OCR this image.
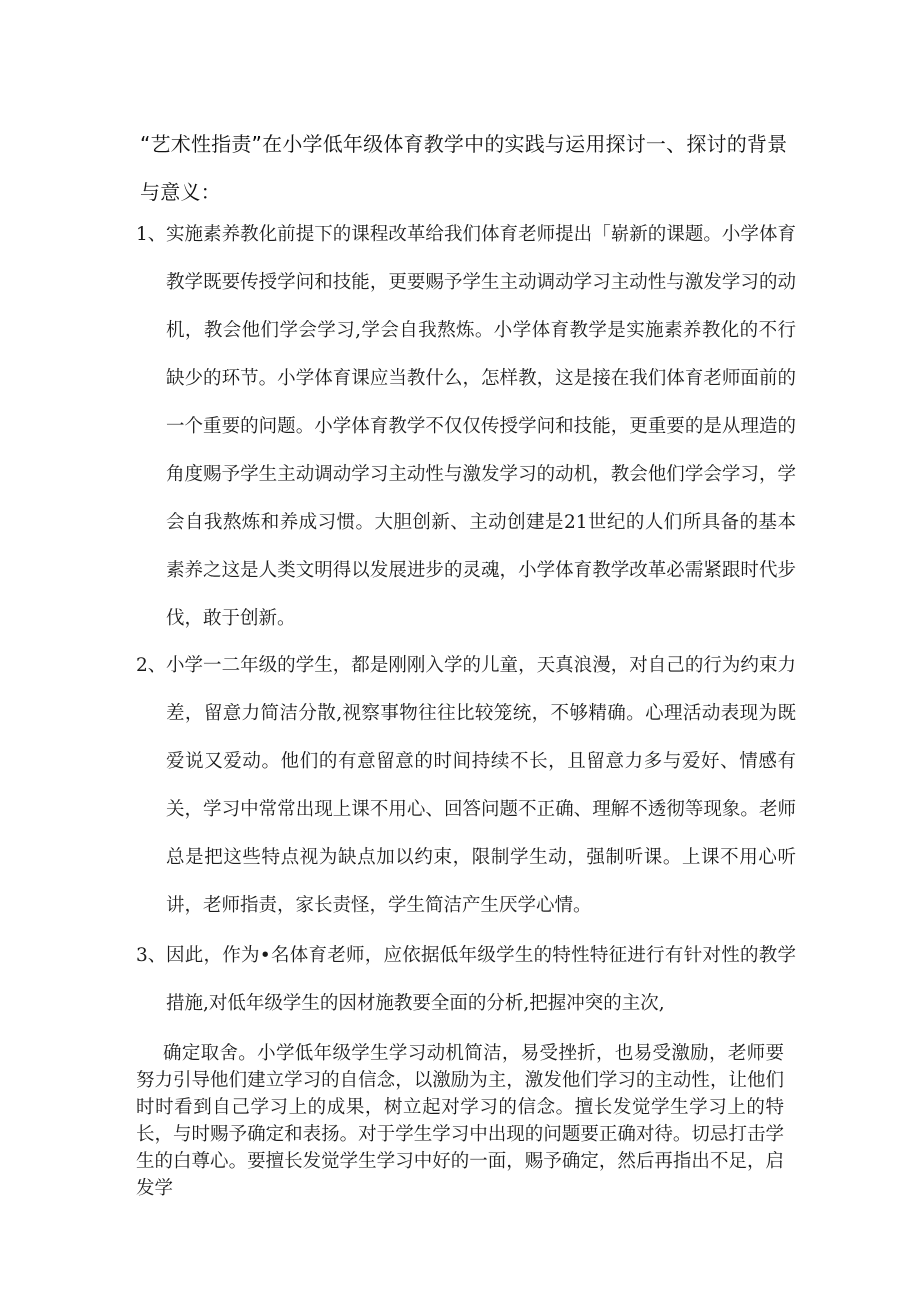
“艺术性指责”在小学低年级体育教学中的实践与运用探讨一、探讨的背景与意义：
1、 实施素养教化前提下的课程改革给我们体育老师提出「崭新的课题。小学体育教学既要传授学问和技能，更要赐予学生主动调动学习主动性与激发学习的动机，教会他们学会学习,学会自我熬炼。小学体育教学是实施素养教化的不行缺少的环节。小学体育课应当教什么，怎样教，这是接在我们体育老师面前的一个重要的问题。小学体育教学不仅仅传授学问和技能，更重要的是从理造的角度赐予学生主动调动学习主动性与激发学习的动机，教会他们学会学习，学会自我熬炼和养成习惯。大胆创新、主动创建是21世纪的人们所具备的基本素养之这是人类文明得以发展进步的灵魂，小学体育教学改革必需紧跟时代步伐，敢于创新。
2、 小学一二年级的学生，都是刚刚入学的儿童，天真浪漫，对自己的行为约束力差，留意力简洁分散,视察事物往往比较笼统，不够精确。心理活动表现为既爱说又爱动。他们的有意留意的时间持续不长，且留意力多与爱好、情感有关，学习中常常出现上课不用心、回答问题不正确、理解不透彻等现象。老师总是把这些特点视为缺点加以约束，限制学生动，强制听课。上课不用心听讲，老师指责，家长责怪，学生简洁产生厌学心情。
3、 因此，作为•名体育老师，应依据低年级学生的特性特征进行有针对性的教学措施,对低年级学生的因材施教要全面的分析,把握冲突的主次,
确定取舍。小学低年级学生学习动机简洁，易受挫折，也易受激励，老师要努力引导他们建立学习的自信念，以激励为主，激发他们学习的主动性，让他们时时看到自己学习上的成果，树立起对学习的信念。擅长发觉学生学习上的特长，与时赐予确定和表扬。对于学生学习中出现的问题要正确对待。切忌打击学生的白尊心。要擅长发觉学生学习中好的一面，赐予确定，然后再指出不足，启发学
